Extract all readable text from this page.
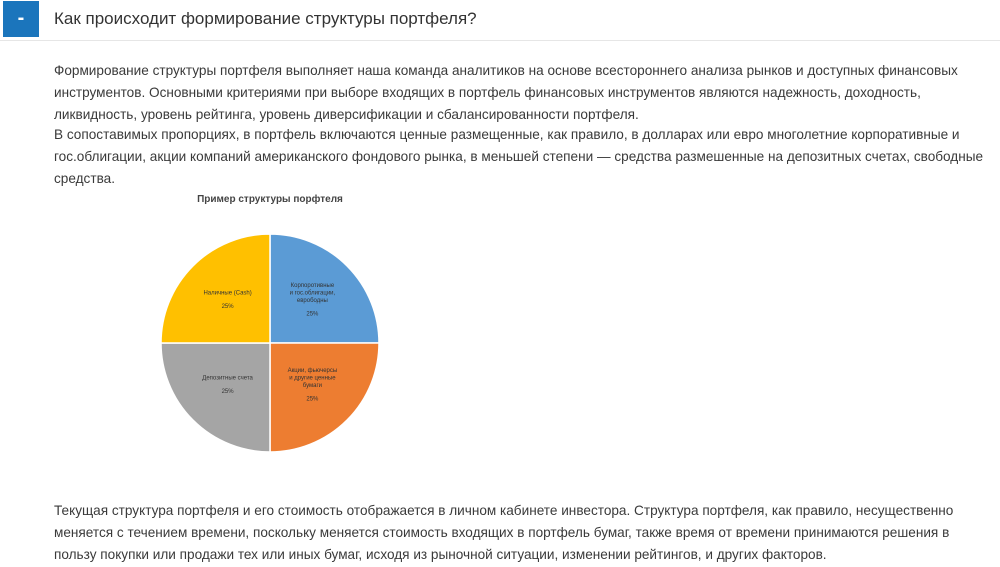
-	Как происходит формирование структуры портфеля?

Формирование структуры портфеля выполняет наша команда аналитиков на основе всестороннего анализа рынков и доступных финансовых инструментов. Основными критериями при выборе входящих в портфель финансовых инструментов являются надежность, доходность, ликвидность, уровень рейтинга, уровень диверсификации и сбалансированности портфеля.

В сопоставимых пропорциях, в портфель включаются ценные размещенные, как правило, в долларах или евро многолетние корпоративные и гос.облигации, акции компаний американского фондового рынка, в меньшей степени — средства размешенные на депозитных счетах, свободные средства.

Пример структуры порфтеля
Корпоротивные
и гос.облигации,
еврободны
25%
Акции, фьючерсы
и другие ценные
бумаги
25%
Депозитные счета
25%
Наличные (Cash)
25%

Текущая структура портфеля и его стоимость отображается в личном кабинете инвестора. Структура портфеля, как правило, несущественно меняется с течением времени, поскольку меняется стоимость входящих в портфель бумаг, также время от времени принимаются решения в пользу покупки или продажи тех или иных бумаг, исходя из рыночной ситуации, изменении рейтингов, и других факторов.
